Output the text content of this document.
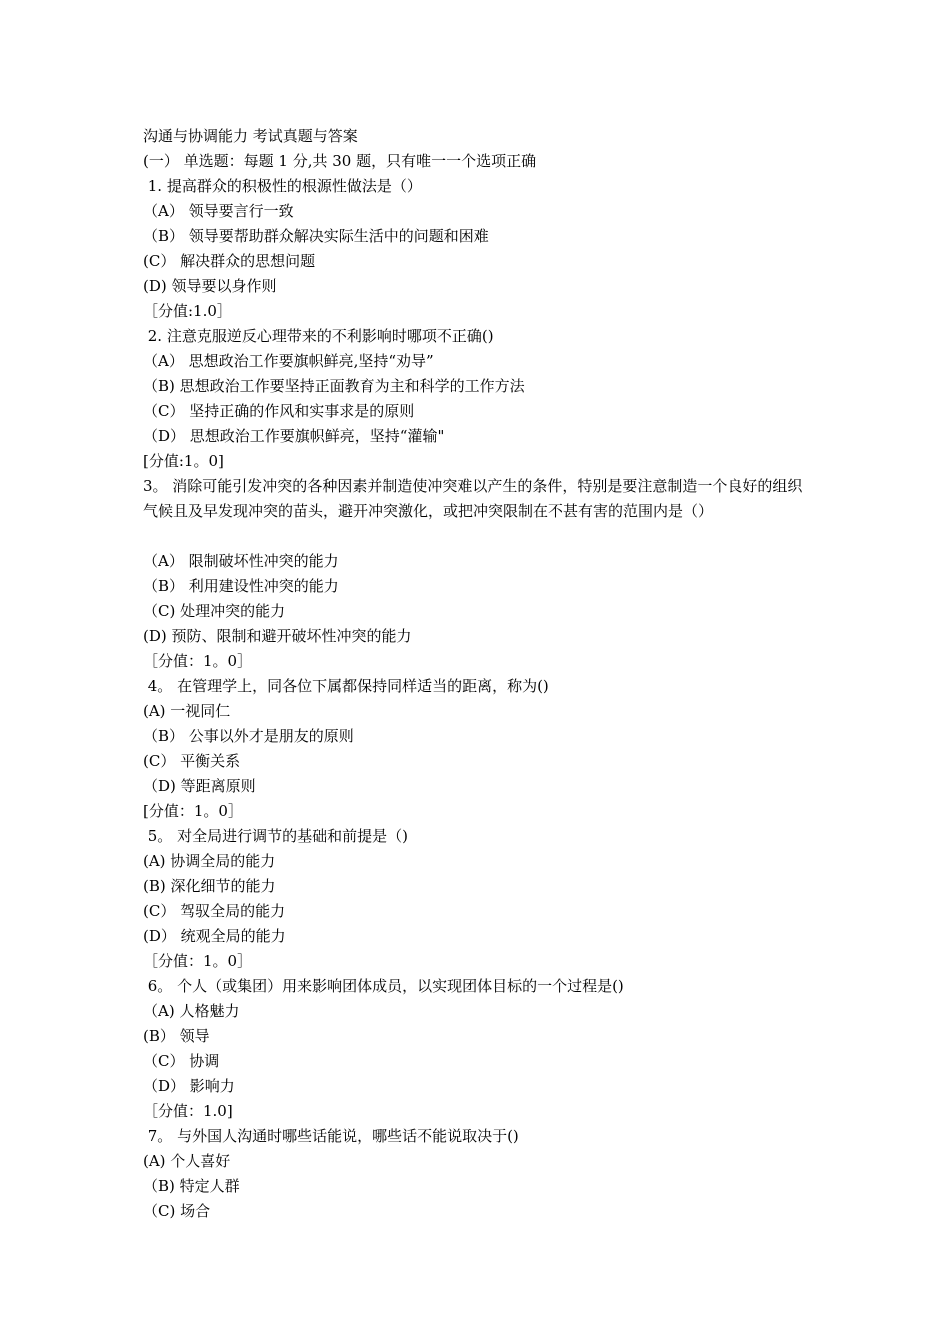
沟通与协调能力 考试真题与答案
(一） 单选题：每题 1 分,共 30 题，只有唯一一个选项正确
1. 提高群众的积极性的根源性做法是（）
（A） 领导要言行一致
（B） 领导要帮助群众解决实际生活中的问题和困难
(C） 解决群众的思想问题
(D) 领导要以身作则
［分值:1.0］
2. 注意克服逆反心理带来的不利影响时哪项不正确()
（A） 思想政治工作要旗帜鲜亮,坚持“劝导”
（B) 思想政治工作要坚持正面教育为主和科学的工作方法
（C） 坚持正确的作风和实事求是的原则
（D） 思想政治工作要旗帜鲜亮，坚持“灌输"
[分值:1。0]
3。 消除可能引发冲突的各种因素并制造使冲突难以产生的条件，特别是要注意制造一个良好的组织气候且及早发现冲突的苗头，避开冲突激化，或把冲突限制在不甚有害的范围内是（）
（A） 限制破坏性冲突的能力
（B） 利用建设性冲突的能力
（C) 处理冲突的能力
(D) 预防、限制和避开破坏性冲突的能力
［分值：1。0］
4。 在管理学上，同各位下属都保持同样适当的距离，称为()
(A) 一视同仁
（B） 公事以外才是朋友的原则
(C） 平衡关系
（D) 等距离原则
[分值：1。0］
5。 对全局进行调节的基础和前提是（)
(A) 协调全局的能力
(B) 深化细节的能力
(C） 驾驭全局的能力
(D） 统观全局的能力
［分值：1。0］
6。 个人（或集团）用来影响团体成员，以实现团体目标的一个过程是()
（A) 人格魅力
(B） 领导
（C） 协调
（D） 影响力
［分值：1.0]
7。 与外国人沟通时哪些话能说，哪些话不能说取决于()
(A) 个人喜好
（B) 特定人群
（C) 场合
